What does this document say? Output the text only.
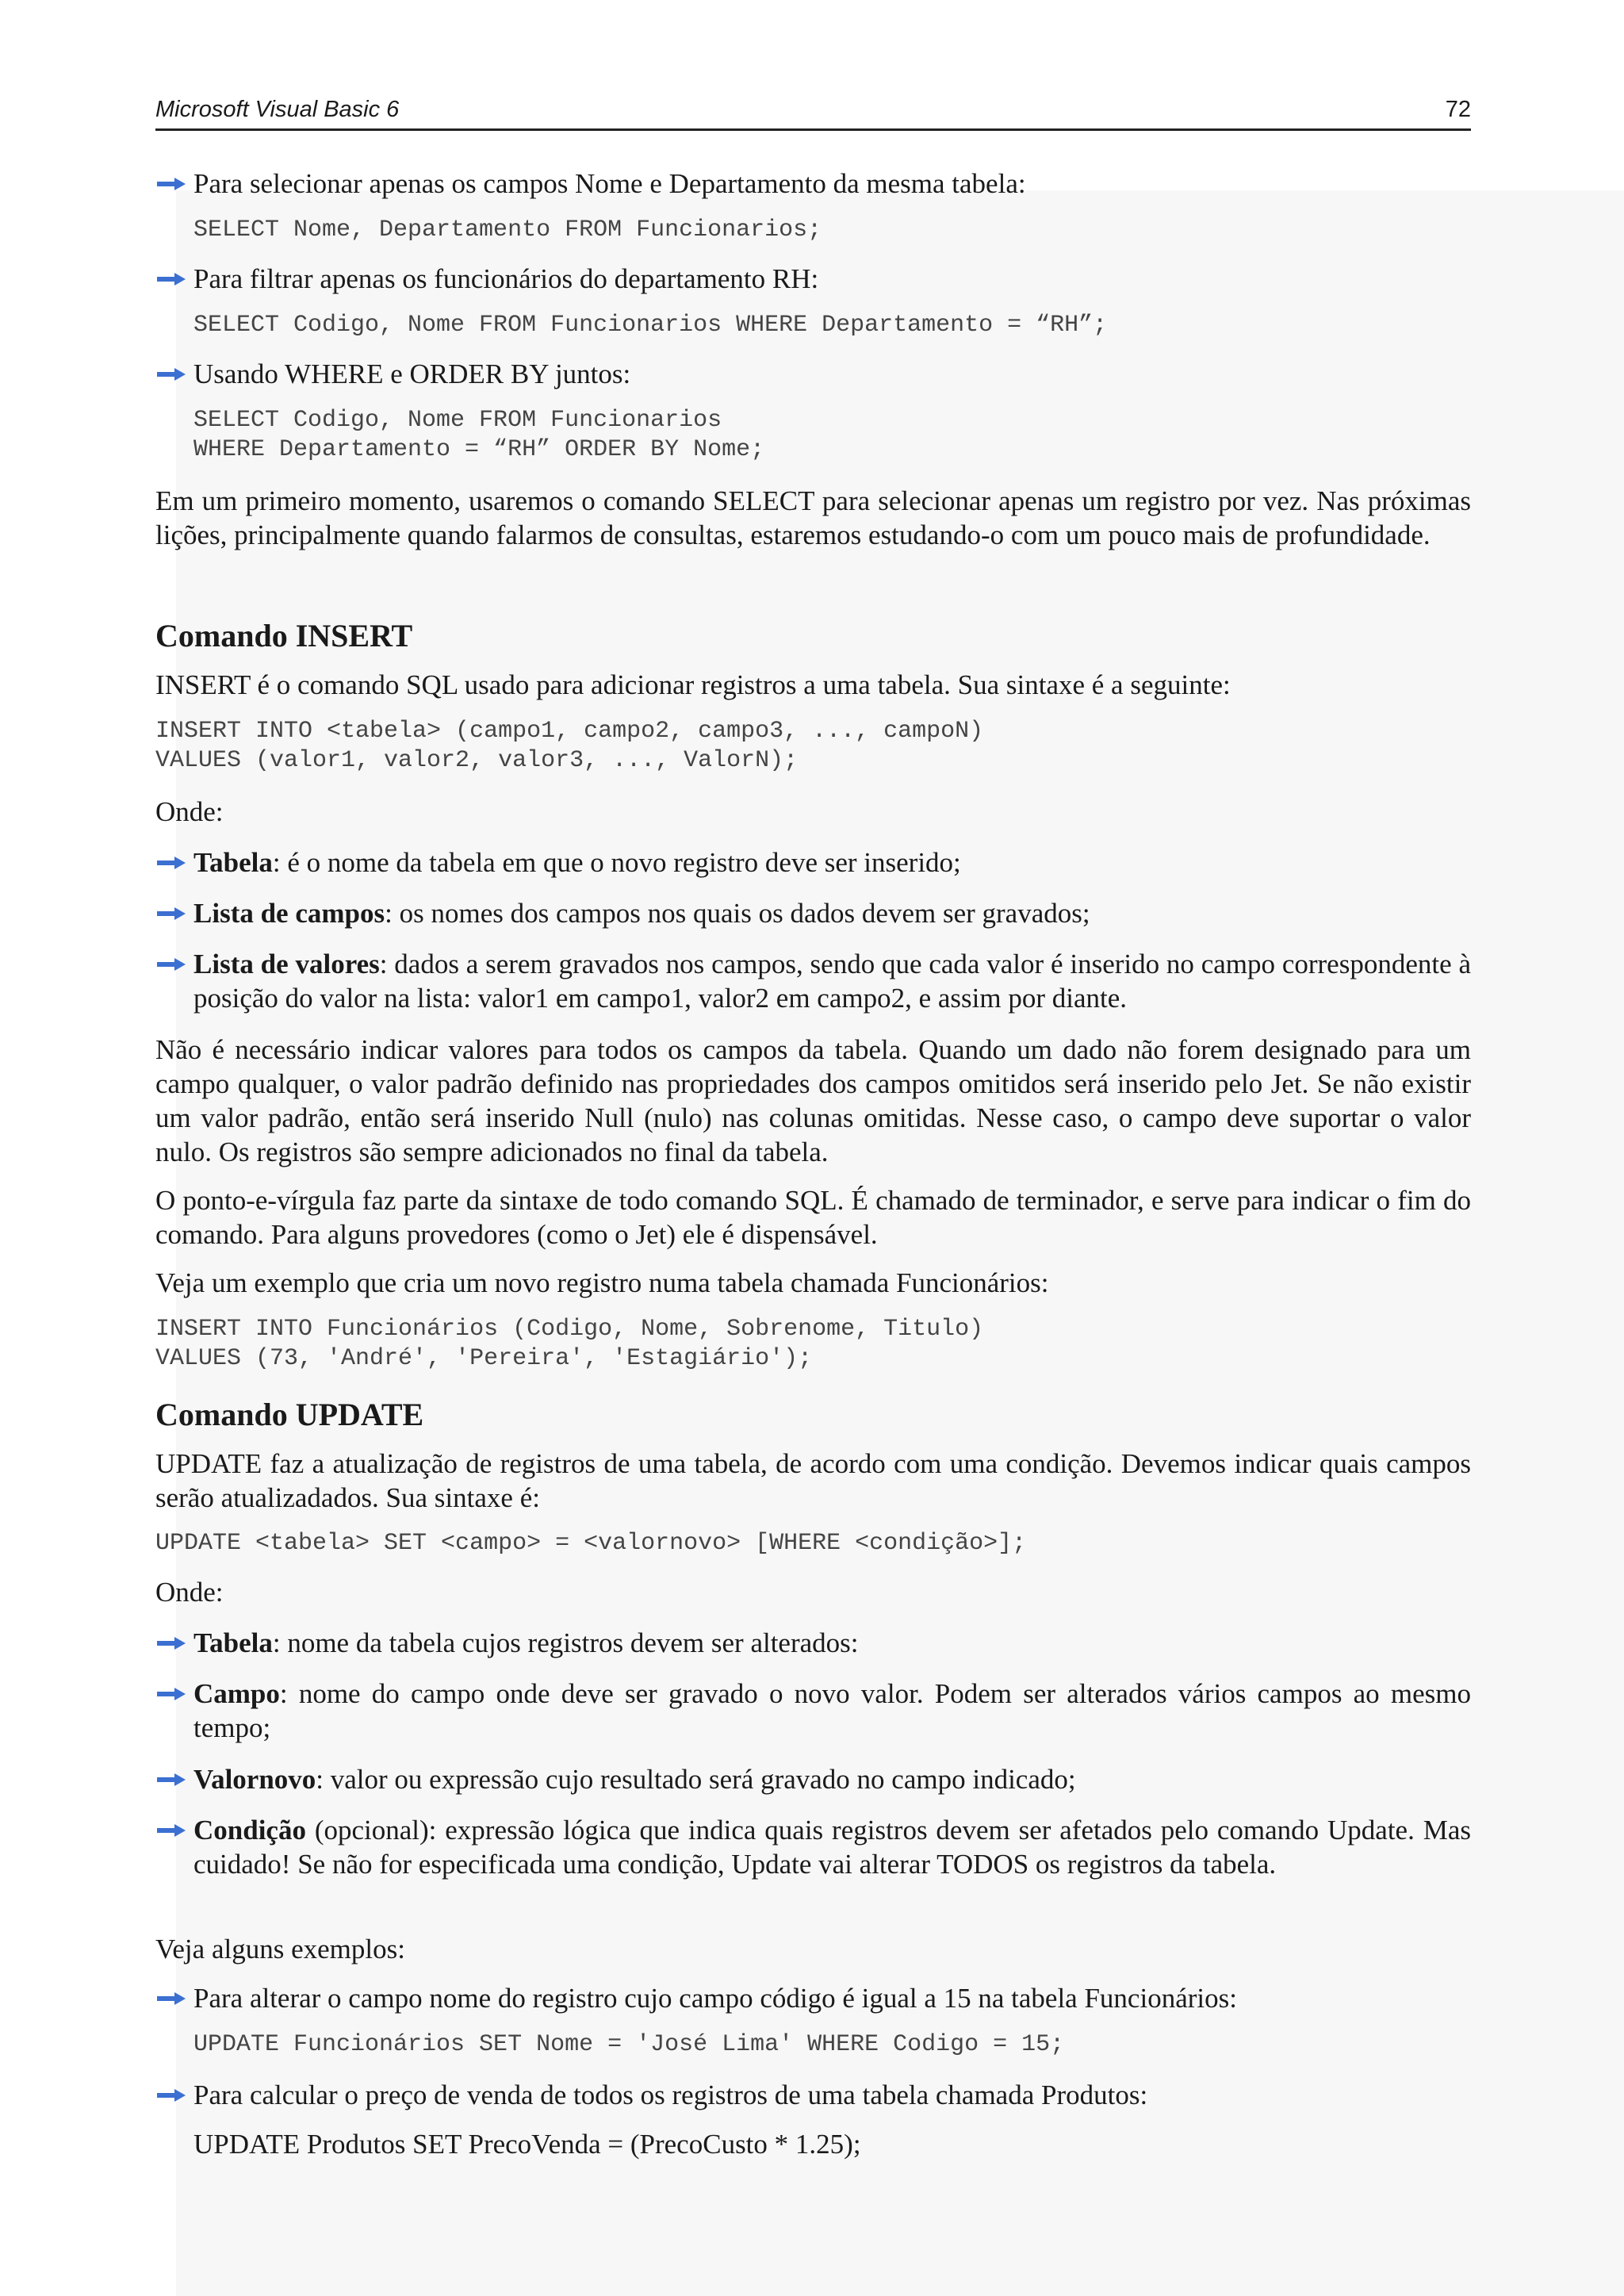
Microsoft Visual Basic 6	72
Para selecionar apenas os campos Nome e Departamento da mesma tabela:
SELECT Nome, Departamento FROM Funcionarios;
Para filtrar apenas os funcionários do departamento RH:
SELECT Codigo, Nome FROM Funcionarios WHERE Departamento = “RH”;
Usando WHERE e ORDER BY juntos:
SELECT Codigo, Nome FROM Funcionarios
WHERE Departamento = “RH” ORDER BY Nome;
Em um primeiro momento, usaremos o comando SELECT para selecionar apenas um registro por vez. Nas próximas lições, principalmente quando falarmos de consultas, estaremos estudando-o com um pouco mais de profundidade.
Comando INSERT
INSERT é o comando SQL usado para adicionar registros a uma tabela. Sua sintaxe é a seguinte:
INSERT INTO <tabela> (campo1, campo2, campo3, ..., campoN)
VALUES (valor1, valor2, valor3, ..., ValorN);
Onde:
Tabela: é o nome da tabela em que o novo registro deve ser inserido;
Lista de campos: os nomes dos campos nos quais os dados devem ser gravados;
Lista de valores: dados a serem gravados nos campos, sendo que cada valor é inserido no campo correspondente à posição do valor na lista: valor1 em campo1, valor2 em campo2, e assim por diante.
Não é necessário indicar valores para todos os campos da tabela. Quando um dado não forem designado para um campo qualquer, o valor padrão definido nas propriedades dos campos omitidos será inserido pelo Jet. Se não existir um valor padrão, então será inserido Null (nulo) nas colunas omitidas. Nesse caso, o campo deve suportar o valor nulo. Os registros são sempre adicionados no final da tabela.
O ponto-e-vírgula faz parte da sintaxe de todo comando SQL. É chamado de terminador, e serve para indicar o fim do comando. Para alguns provedores (como o Jet) ele é dispensável.
Veja um exemplo que cria um novo registro numa tabela chamada Funcionários:
INSERT INTO Funcionários (Codigo, Nome, Sobrenome, Titulo)
VALUES (73, 'André', 'Pereira', 'Estagiário');
Comando UPDATE
UPDATE faz a atualização de registros de uma tabela, de acordo com uma condição. Devemos indicar quais campos serão atualizadados. Sua sintaxe é:
UPDATE <tabela> SET <campo> = <valornovo> [WHERE <condição>];
Onde:
Tabela: nome da tabela cujos registros devem ser alterados:
Campo: nome do campo onde deve ser gravado o novo valor. Podem ser alterados vários campos ao mesmo tempo;
Valornovo: valor ou expressão cujo resultado será gravado no campo indicado;
Condição (opcional): expressão lógica que indica quais registros devem ser afetados pelo comando Update. Mas cuidado! Se não for especificada uma condição, Update vai alterar TODOS os registros da tabela.
Veja alguns exemplos:
Para alterar o campo nome do registro cujo campo código é igual a 15 na tabela Funcionários:
UPDATE Funcionários SET Nome = 'José Lima' WHERE Codigo = 15;
Para calcular o preço de venda de todos os registros de uma tabela chamada Produtos:
UPDATE Produtos SET PrecoVenda = (PrecoCusto * 1.25);
